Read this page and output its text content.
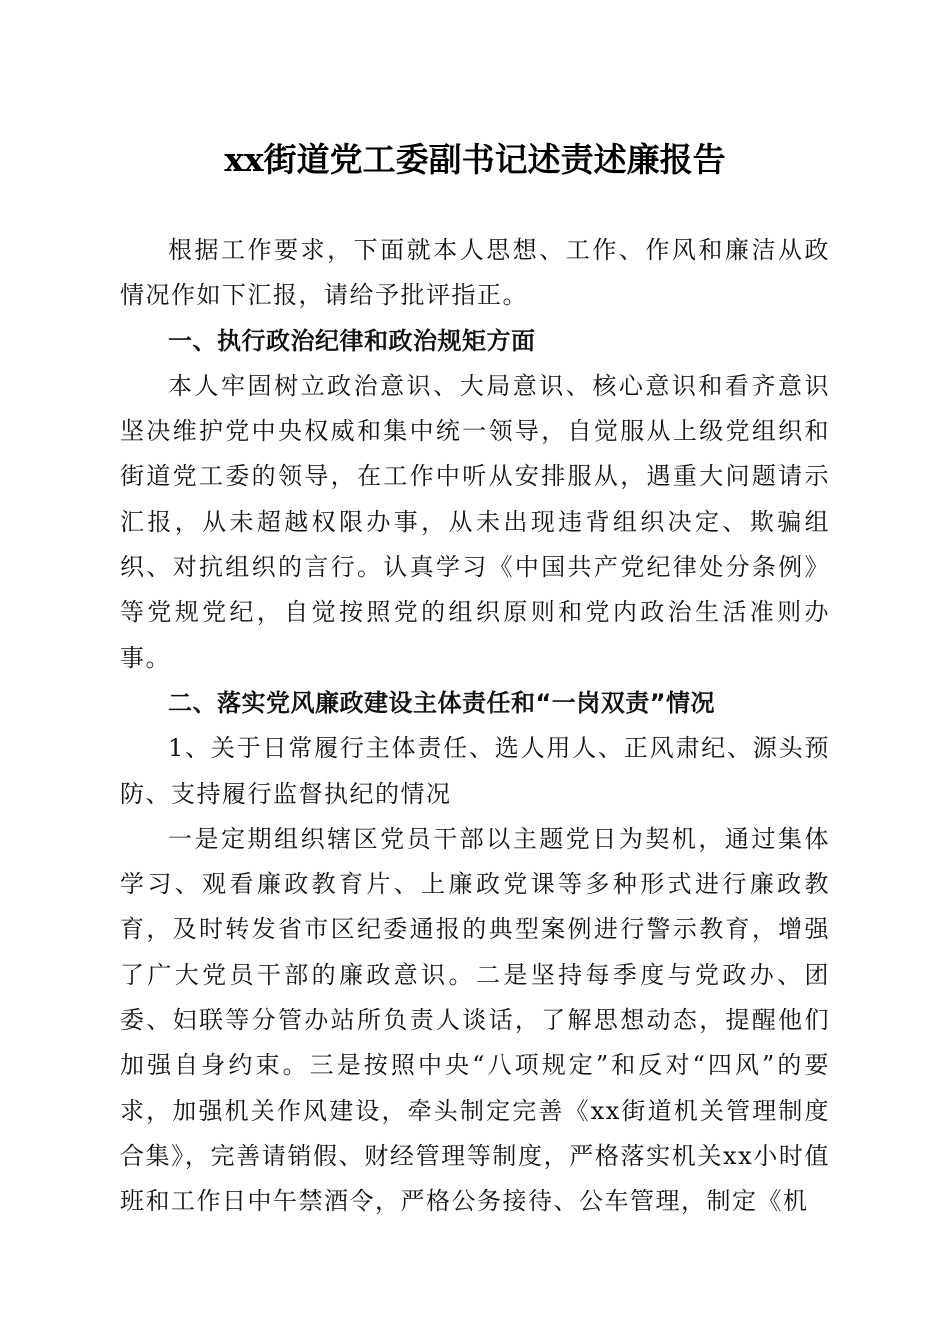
xx街道党工委副书记述责述廉报告

根据工作要求，下面就本人思想、工作、作风和廉洁从政情况作如下汇报，请给予批评指正。

一、执行政治纪律和政治规矩方面

本人牢固树立政治意识、大局意识、核心意识和看齐意识坚决维护党中央权威和集中统一领导，自觉服从上级党组织和街道党工委的领导，在工作中听从安排服从，遇重大问题请示汇报，从未超越权限办事，从未出现违背组织决定、欺骗组织、对抗组织的言行。认真学习《中国共产党纪律处分条例》等党规党纪，自觉按照党的组织原则和党内政治生活准则办事。

二、落实党风廉政建设主体责任和“一岗双责”情况

1、关于日常履行主体责任、选人用人、正风肃纪、源头预防、支持履行监督执纪的情况

一是定期组织辖区党员干部以主题党日为契机，通过集体学习、观看廉政教育片、上廉政党课等多种形式进行廉政教育，及时转发省市区纪委通报的典型案例进行警示教育，增强了广大党员干部的廉政意识。二是坚持每季度与党政办、团委、妇联等分管办站所负责人谈话，了解思想动态，提醒他们加强自身约束。三是按照中央“八项规定”和反对“四风”的要求，加强机关作风建设，牵头制定完善《xx街道机关管理制度合集》，完善请销假、财经管理等制度，严格落实机关xx小时值班和工作日中午禁酒令，严格公务接待、公车管理，制定《机
